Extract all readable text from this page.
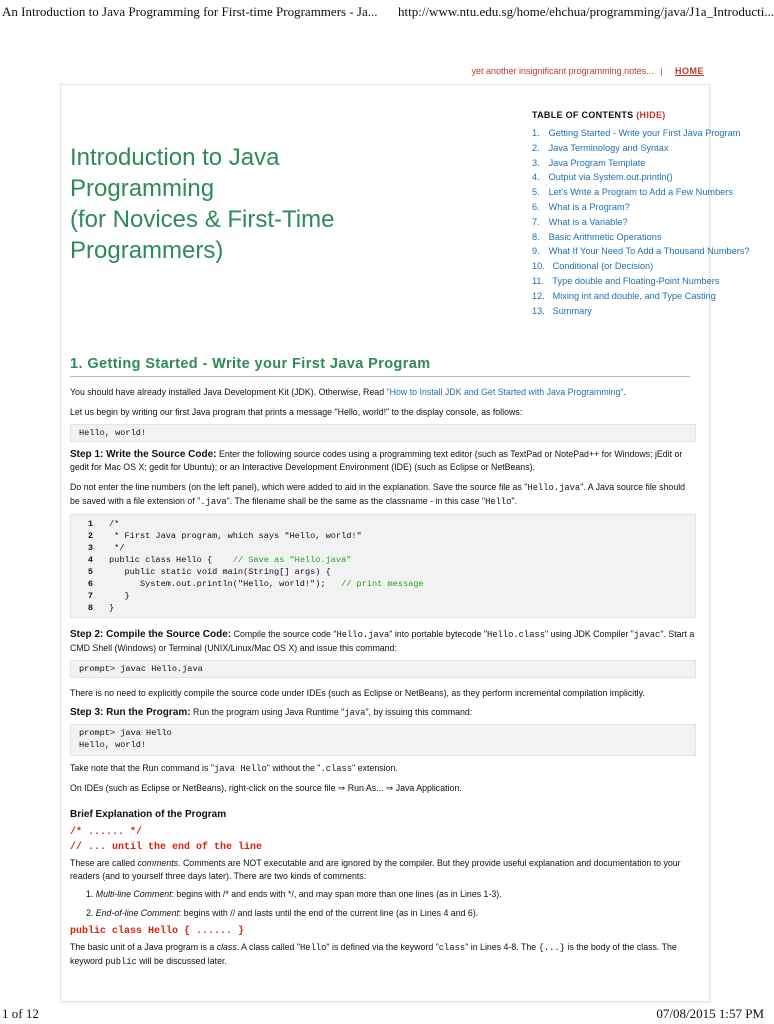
An Introduction to Java Programming for First-time Programmers - Ja...	http://www.ntu.edu.sg/home/ehchua/programming/java/J1a_Introducti...
yet another insignificant programming notes... | HOME
Introduction to Java
Programming
(for Novices & First-Time
Programmers)
TABLE OF CONTENTS (HIDE)
1. Getting Started - Write your First Java Program
2. Java Terminology and Syntax
3. Java Program Template
4. Output via System.out.println()
5. Let's Write a Program to Add a Few Numbers
6. What is a Program?
7. What is a Variable?
8. Basic Arithmetic Operations
9. What If Your Need To Add a Thousand Numbers?
10. Conditional (or Decision)
11. Type double and Floating-Point Numbers
12. Mixing int and double, and Type Casting
13. Summary
1. Getting Started - Write your First Java Program

You should have already installed Java Development Kit (JDK). Otherwise, Read "How to Install JDK and Get Started with Java Programming".

Let us begin by writing our first Java program that prints a message "Hello, world!" to the display console, as follows:

Hello, world!

Step 1: Write the Source Code: Enter the following source codes using a programming text editor (such as TextPad or NotePad++ for Windows; jEdit or gedit for Mac OS X; gedit for Ubuntu); or an Interactive Development Environment (IDE) (such as Eclipse or NetBeans).

Do not enter the line numbers (on the left panel), which were added to aid in the explanation. Save the source file as "Hello.java". A Java source file should be saved with a file extension of ".java". The filename shall be the same as the classname - in this case "Hello".

1 /*
2 * First Java program, which says "Hello, world!"
3 */
4 public class Hello {    // Save as "Hello.java"
5 public static void main(String[] args) {
6 System.out.println("Hello, world!");   // print message
7 }
8 }

Step 2: Compile the Source Code: Compile the source code "Hello.java" into portable bytecode "Hello.class" using JDK Compiler "javac". Start a CMD Shell (Windows) or Terminal (UNIX/Linux/Mac OS X) and issue this command:

prompt> javac Hello.java

There is no need to explicitly compile the source code under IDEs (such as Eclipse or NetBeans), as they perform incremental compilation implicitly.

Step 3: Run the Program: Run the program using Java Runtime "java", by issuing this command:

prompt> java Hello
Hello, world!

Take note that the Run command is "java Hello" without the ".class" extension.

On IDEs (such as Eclipse or NetBeans), right-click on the source file ⇒ Run As... ⇒ Java Application.

Brief Explanation of the Program

/* ...... */

// ... until the end of the line

These are called comments. Comments are NOT executable and are ignored by the compiler. But they provide useful explanation and documentation to your readers (and to yourself three days later). There are two kinds of comments:

1. Multi-line Comment: begins with /* and ends with */, and may span more than one lines (as in Lines 1-3).

2. End-of-line Comment: begins with // and lasts until the end of the current line (as in Lines 4 and 6).

public class Hello { ...... }

The basic unit of a Java program is a class. A class called "Hello" is defined via the keyword "class" in Lines 4-8. The {...} is the body of the class. The keyword public will be discussed later.

1 of 12	07/08/2015 1:57 PM
